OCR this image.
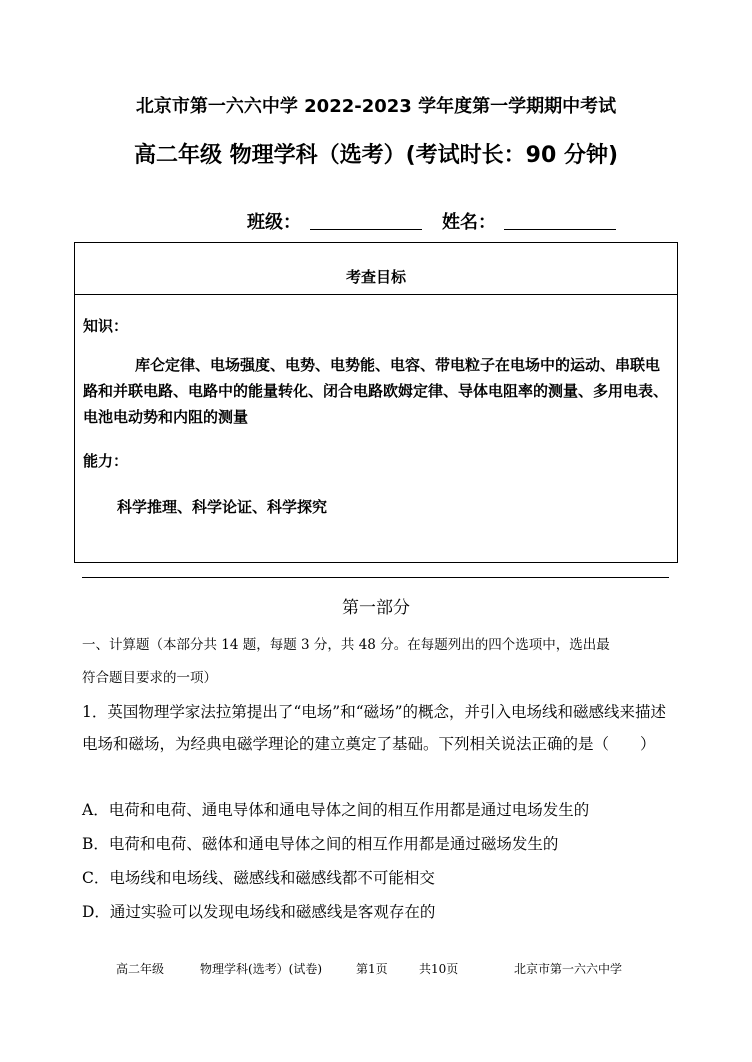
北京市第一六六中学 2022-2023 学年度第一学期期中考试
高二年级 物理学科（选考）(考试时长：90 分钟)
班级：	姓名：
考查目标
知识：
库仑定律、电场强度、电势、电势能、电容、带电粒子在电场中的运动、串联电路和并联电路、电路中的能量转化、闭合电路欧姆定律、导体电阻率的测量、多用电表、电池电动势和内阻的测量
能力：
科学推理、科学论证、科学探究
第一部分
一、计算题（本部分共 14 题，每题 3 分，共 48 分。在每题列出的四个选项中，选出最
符合题目要求的一项）
1．英国物理学家法拉第提出了“电场”和“磁场”的概念，并引入电场线和磁感线来描述电场和磁场，为经典电磁学理论的建立奠定了基础。下列相关说法正确的是（　　）
A．电荷和电荷、通电导体和通电导体之间的相互作用都是通过电场发生的
B．电荷和电荷、磁体和通电导体之间的相互作用都是通过磁场发生的
C．电场线和电场线、磁感线和磁感线都不可能相交
D．通过实验可以发现电场线和磁感线是客观存在的
高二年级	物理学科(选考）(试卷)	第1页	共10页	北京市第一六六中学
